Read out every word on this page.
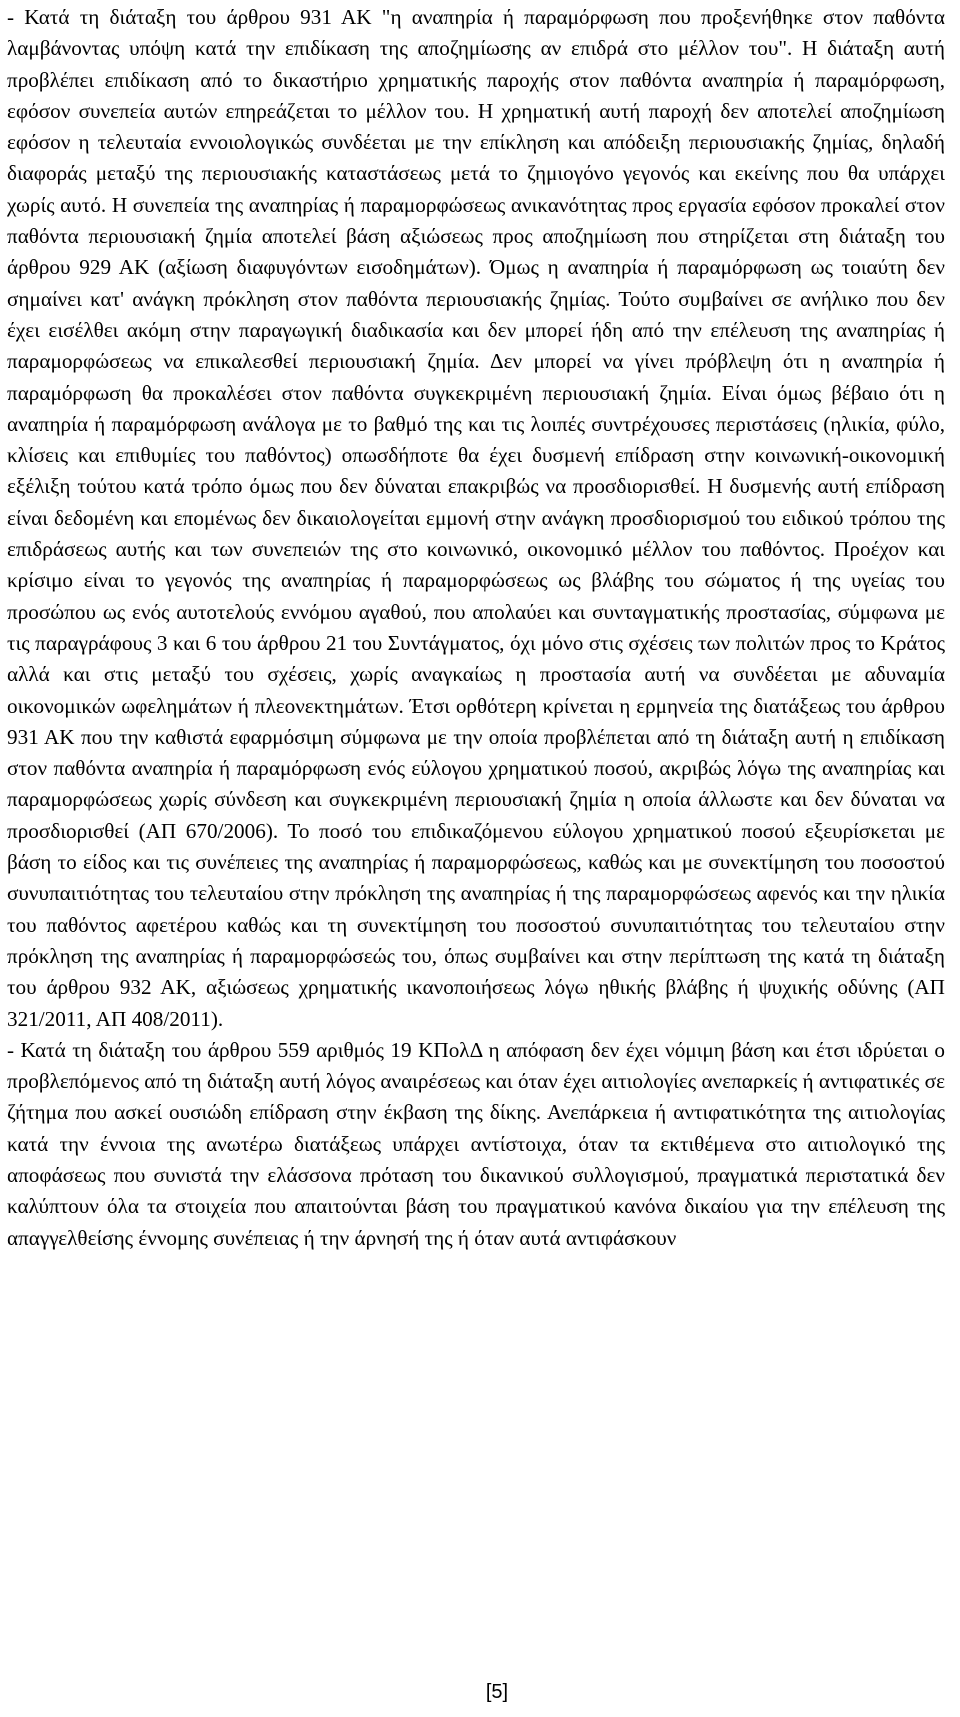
- Κατά τη διάταξη του άρθρου 931 ΑΚ "η αναπηρία ή παραμόρφωση που προξενήθηκε στον παθόντα λαμβάνοντας υπόψη κατά την επιδίκαση της αποζημίωσης αν επιδρά στο μέλλον του". Η διάταξη αυτή προβλέπει επιδίκαση από το δικαστήριο χρηματικής παροχής στον παθόντα αναπηρία ή παραμόρφωση, εφόσον συνεπεία αυτών επηρεάζεται το μέλλον του. Η χρηματική αυτή παροχή δεν αποτελεί αποζημίωση εφόσον η τελευταία εννοιολογικώς συνδέεται με την επίκληση και απόδειξη περιουσιακής ζημίας, δηλαδή διαφοράς μεταξύ της περιουσιακής καταστάσεως μετά το ζημιογόνο γεγονός και εκείνης που θα υπάρχει χωρίς αυτό. Η συνεπεία της αναπηρίας ή παραμορφώσεως ανικανότητας προς εργασία εφόσον προκαλεί στον παθόντα περιουσιακή ζημία αποτελεί βάση αξιώσεως προς αποζημίωση που στηρίζεται στη διάταξη του άρθρου 929 ΑΚ (αξίωση διαφυγόντων εισοδημάτων). Όμως η αναπηρία ή παραμόρφωση ως τοιαύτη δεν σημαίνει κατ' ανάγκη πρόκληση στον παθόντα περιουσιακής ζημίας. Τούτο συμβαίνει σε ανήλικο που δεν έχει εισέλθει ακόμη στην παραγωγική διαδικασία και δεν μπορεί ήδη από την επέλευση της αναπηρίας ή παραμορφώσεως να επικαλεσθεί περιουσιακή ζημία. Δεν μπορεί να γίνει πρόβλεψη ότι η αναπηρία ή παραμόρφωση θα προκαλέσει στον παθόντα συγκεκριμένη περιουσιακή ζημία. Είναι όμως βέβαιο ότι η αναπηρία ή παραμόρφωση ανάλογα με το βαθμό της και τις λοιπές συντρέχουσες περιστάσεις (ηλικία, φύλο, κλίσεις και επιθυμίες του παθόντος) οπωσδήποτε θα έχει δυσμενή επίδραση στην κοινωνική-οικονομική εξέλιξη τούτου κατά τρόπο όμως που δεν δύναται επακριβώς να προσδιορισθεί. Η δυσμενής αυτή επίδραση είναι δεδομένη και επομένως δεν δικαιολογείται εμμονή στην ανάγκη προσδιορισμού του ειδικού τρόπου της επιδράσεως αυτής και των συνεπειών της στο κοινωνικό, οικονομικό μέλλον του παθόντος. Προέχον και κρίσιμο είναι το γεγονός της αναπηρίας ή παραμορφώσεως ως βλάβης του σώματος ή της υγείας του προσώπου ως ενός αυτοτελούς εννόμου αγαθού, που απολαύει και συνταγματικής προστασίας, σύμφωνα με τις παραγράφους 3 και 6 του άρθρου 21 του Συντάγματος, όχι μόνο στις σχέσεις των πολιτών προς το Κράτος αλλά και στις μεταξύ του σχέσεις, χωρίς αναγκαίως η προστασία αυτή να συνδέεται με αδυναμία οικονομικών ωφελημάτων ή πλεονεκτημάτων. Έτσι ορθότερη κρίνεται η ερμηνεία της διατάξεως του άρθρου 931 ΑΚ που την καθιστά εφαρμόσιμη σύμφωνα με την οποία προβλέπεται από τη διάταξη αυτή η επιδίκαση στον παθόντα αναπηρία ή παραμόρφωση ενός εύλογου χρηματικού ποσού, ακριβώς λόγω της αναπηρίας και παραμορφώσεως χωρίς σύνδεση και συγκεκριμένη περιουσιακή ζημία η οποία άλλωστε και δεν δύναται να προσδιορισθεί (ΑΠ 670/2006). Το ποσό του επιδικαζόμενου εύλογου χρηματικού ποσού εξευρίσκεται με βάση το είδος και τις συνέπειες της αναπηρίας ή παραμορφώσεως, καθώς και με συνεκτίμηση του ποσοστού συνυπαιτιότητας του τελευταίου στην πρόκληση της αναπηρίας ή της παραμορφώσεως αφενός και την ηλικία του παθόντος αφετέρου καθώς και τη συνεκτίμηση του ποσοστού συνυπαιτιότητας του τελευταίου στην πρόκληση της αναπηρίας ή παραμορφώσεώς του, όπως συμβαίνει και στην περίπτωση της κατά τη διάταξη του άρθρου 932 ΑΚ, αξιώσεως χρηματικής ικανοποιήσεως λόγω ηθικής βλάβης ή ψυχικής οδύνης (ΑΠ 321/2011, ΑΠ 408/2011).

- Κατά τη διάταξη του άρθρου 559 αριθμός 19 ΚΠολΔ η απόφαση δεν έχει νόμιμη βάση και έτσι ιδρύεται ο προβλεπόμενος από τη διάταξη αυτή λόγος αναιρέσεως και όταν έχει αιτιολογίες ανεπαρκείς ή αντιφατικές σε ζήτημα που ασκεί ουσιώδη επίδραση στην έκβαση της δίκης. Ανεπάρκεια ή αντιφατικότητα της αιτιολογίας κατά την έννοια της ανωτέρω διατάξεως υπάρχει αντίστοιχα, όταν τα εκτιθέμενα στο αιτιολογικό της αποφάσεως που συνιστά την ελάσσονα πρόταση του δικανικού συλλογισμού, πραγματικά περιστατικά δεν καλύπτουν όλα τα στοιχεία που απαιτούνται βάση του πραγματικού κανόνα δικαίου για την επέλευση της απαγγελθείσης έννομης συνέπειας ή την άρνησή της ή όταν αυτά αντιφάσκουν

[5]
